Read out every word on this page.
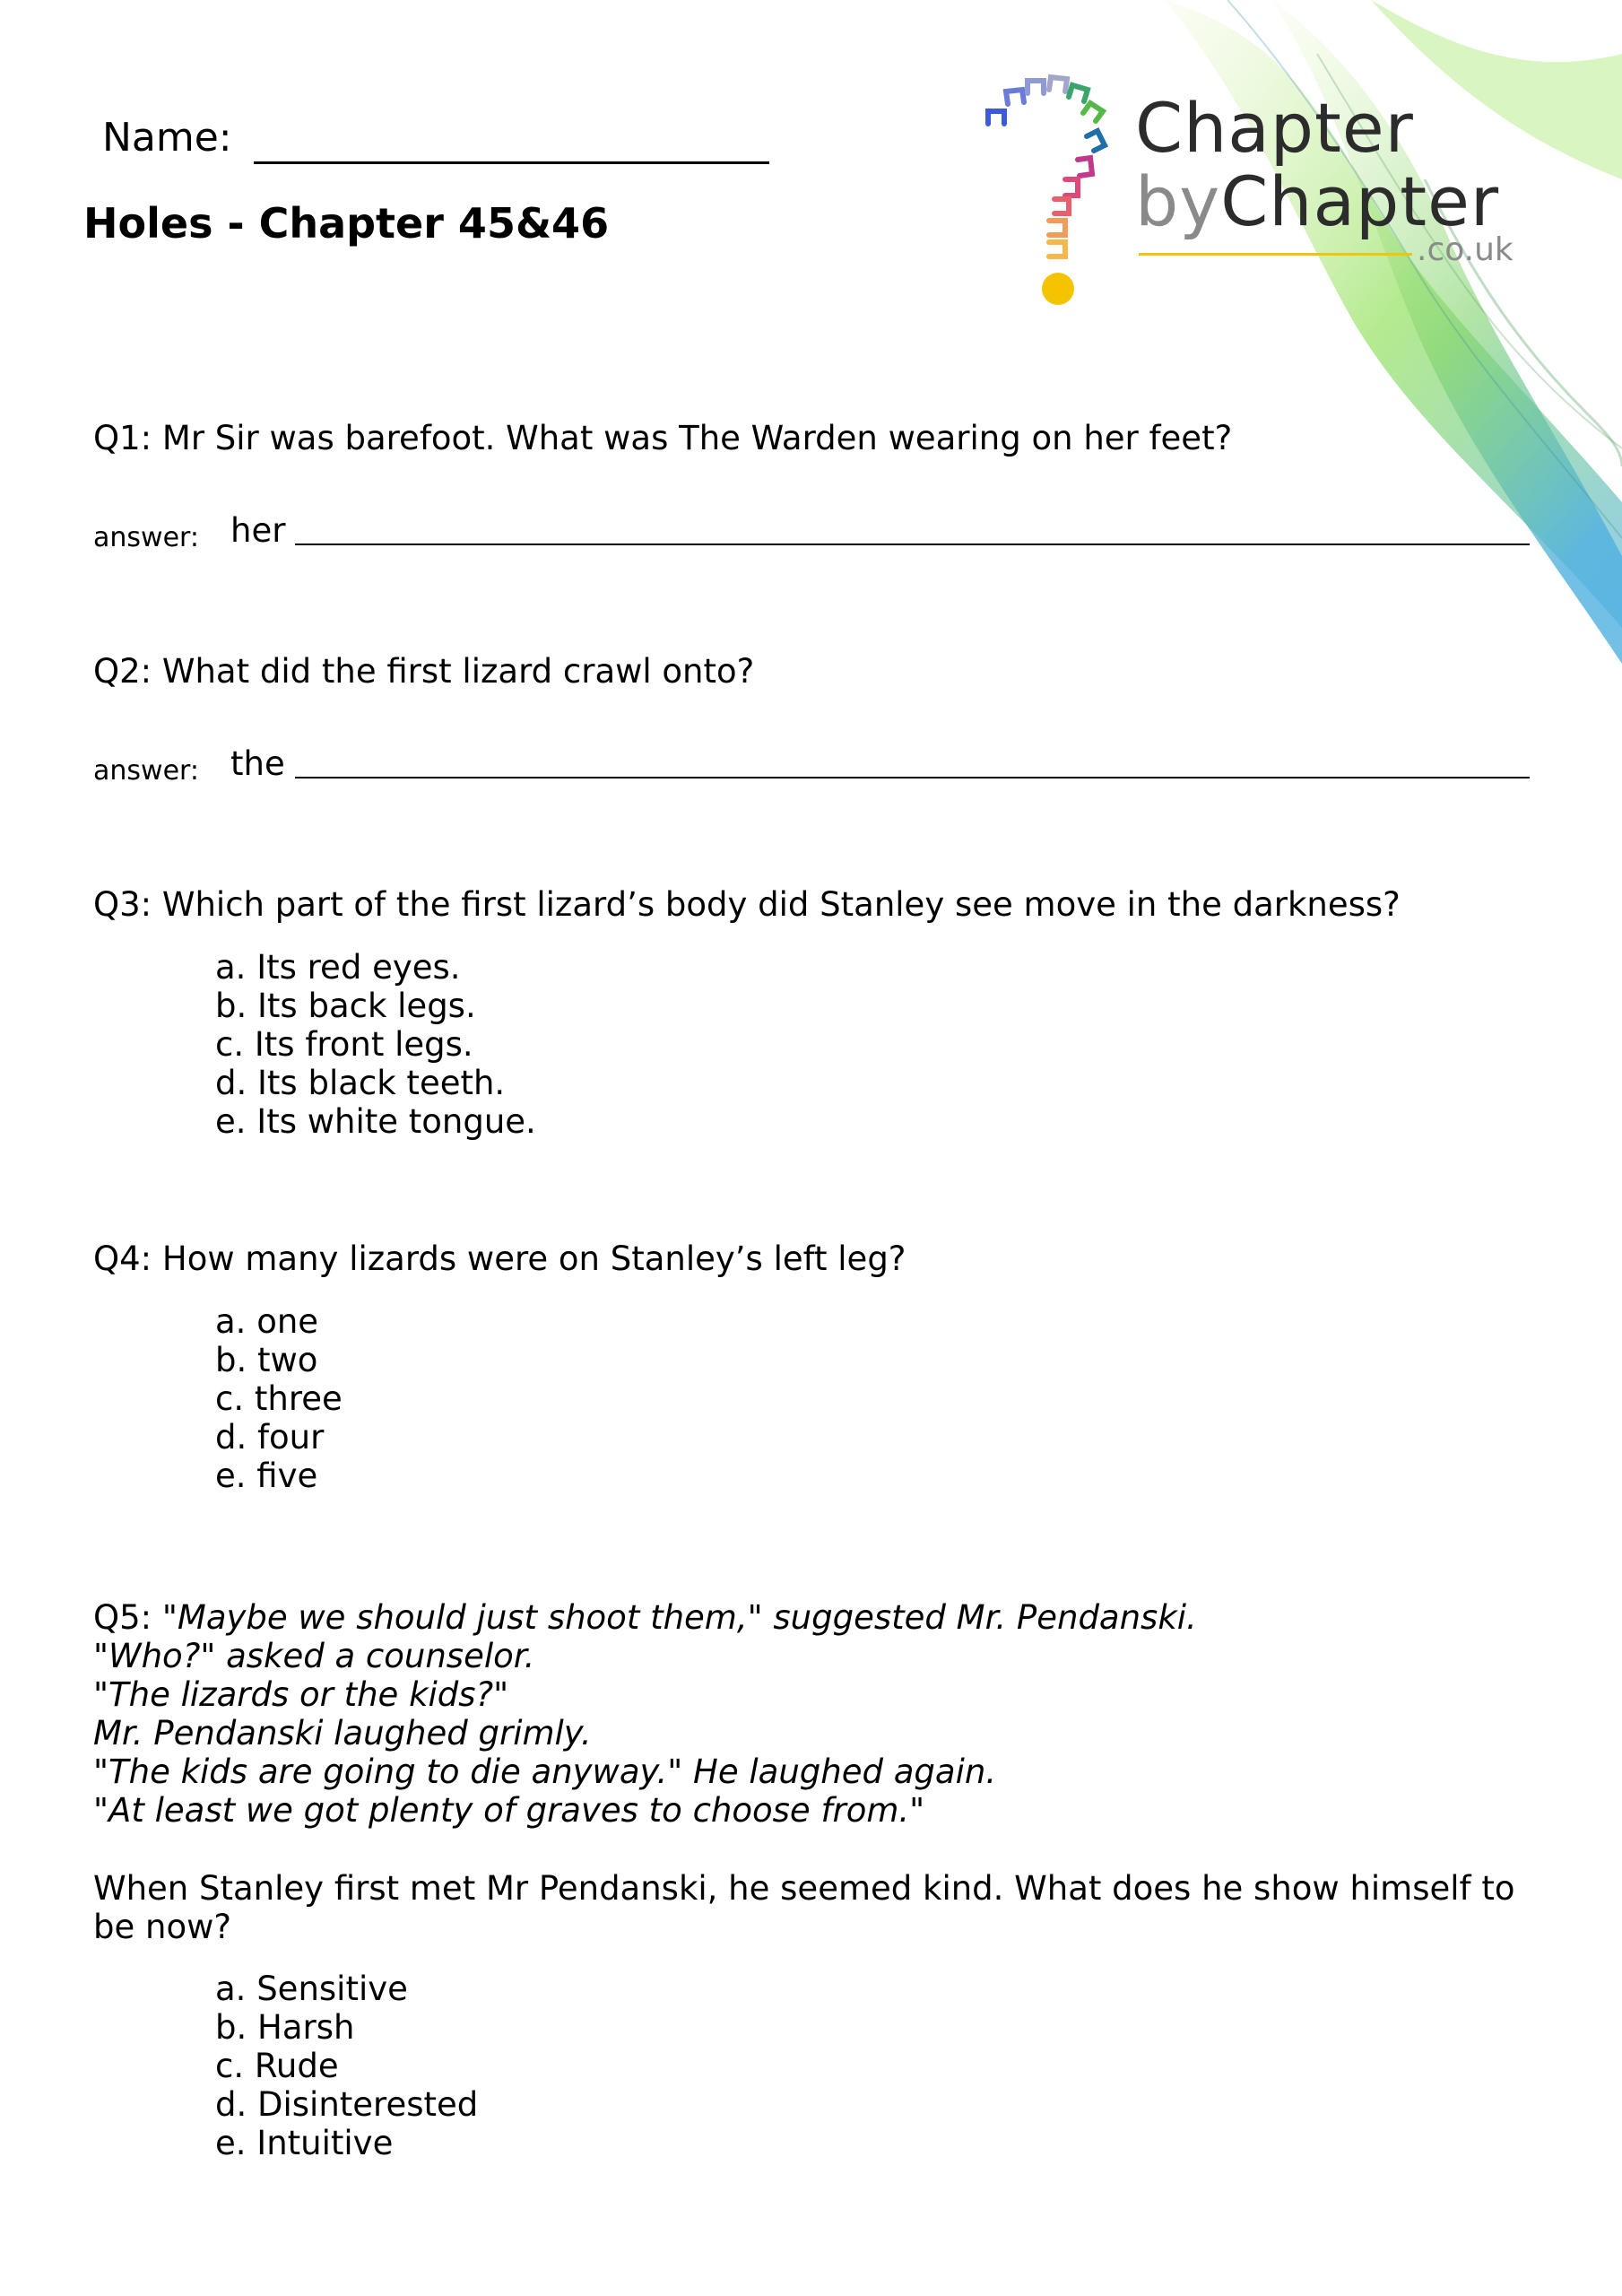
Name:
Holes - Chapter 45&46
Chapter
byChapter
.co.uk
Q1: Mr Sir was barefoot. What was The Warden wearing on her feet?
answer: her
Q2: What did the first lizard crawl onto?
answer: the
Q3: Which part of the first lizard’s body did Stanley see move in the darkness?
a. Its red eyes.
b. Its back legs.
c. Its front legs.
d. Its black teeth.
e. Its white tongue.
Q4: How many lizards were on Stanley’s left leg?
a. one
b. two
c. three
d. four
e. five
Q5: "Maybe we should just shoot them," suggested Mr. Pendanski.
"Who?" asked a counselor.
"The lizards or the kids?"
Mr. Pendanski laughed grimly.
"The kids are going to die anyway." He laughed again.
"At least we got plenty of graves to choose from."
When Stanley first met Mr Pendanski, he seemed kind. What does he show himself to be now?
a. Sensitive
b. Harsh
c. Rude
d. Disinterested
e. Intuitive
